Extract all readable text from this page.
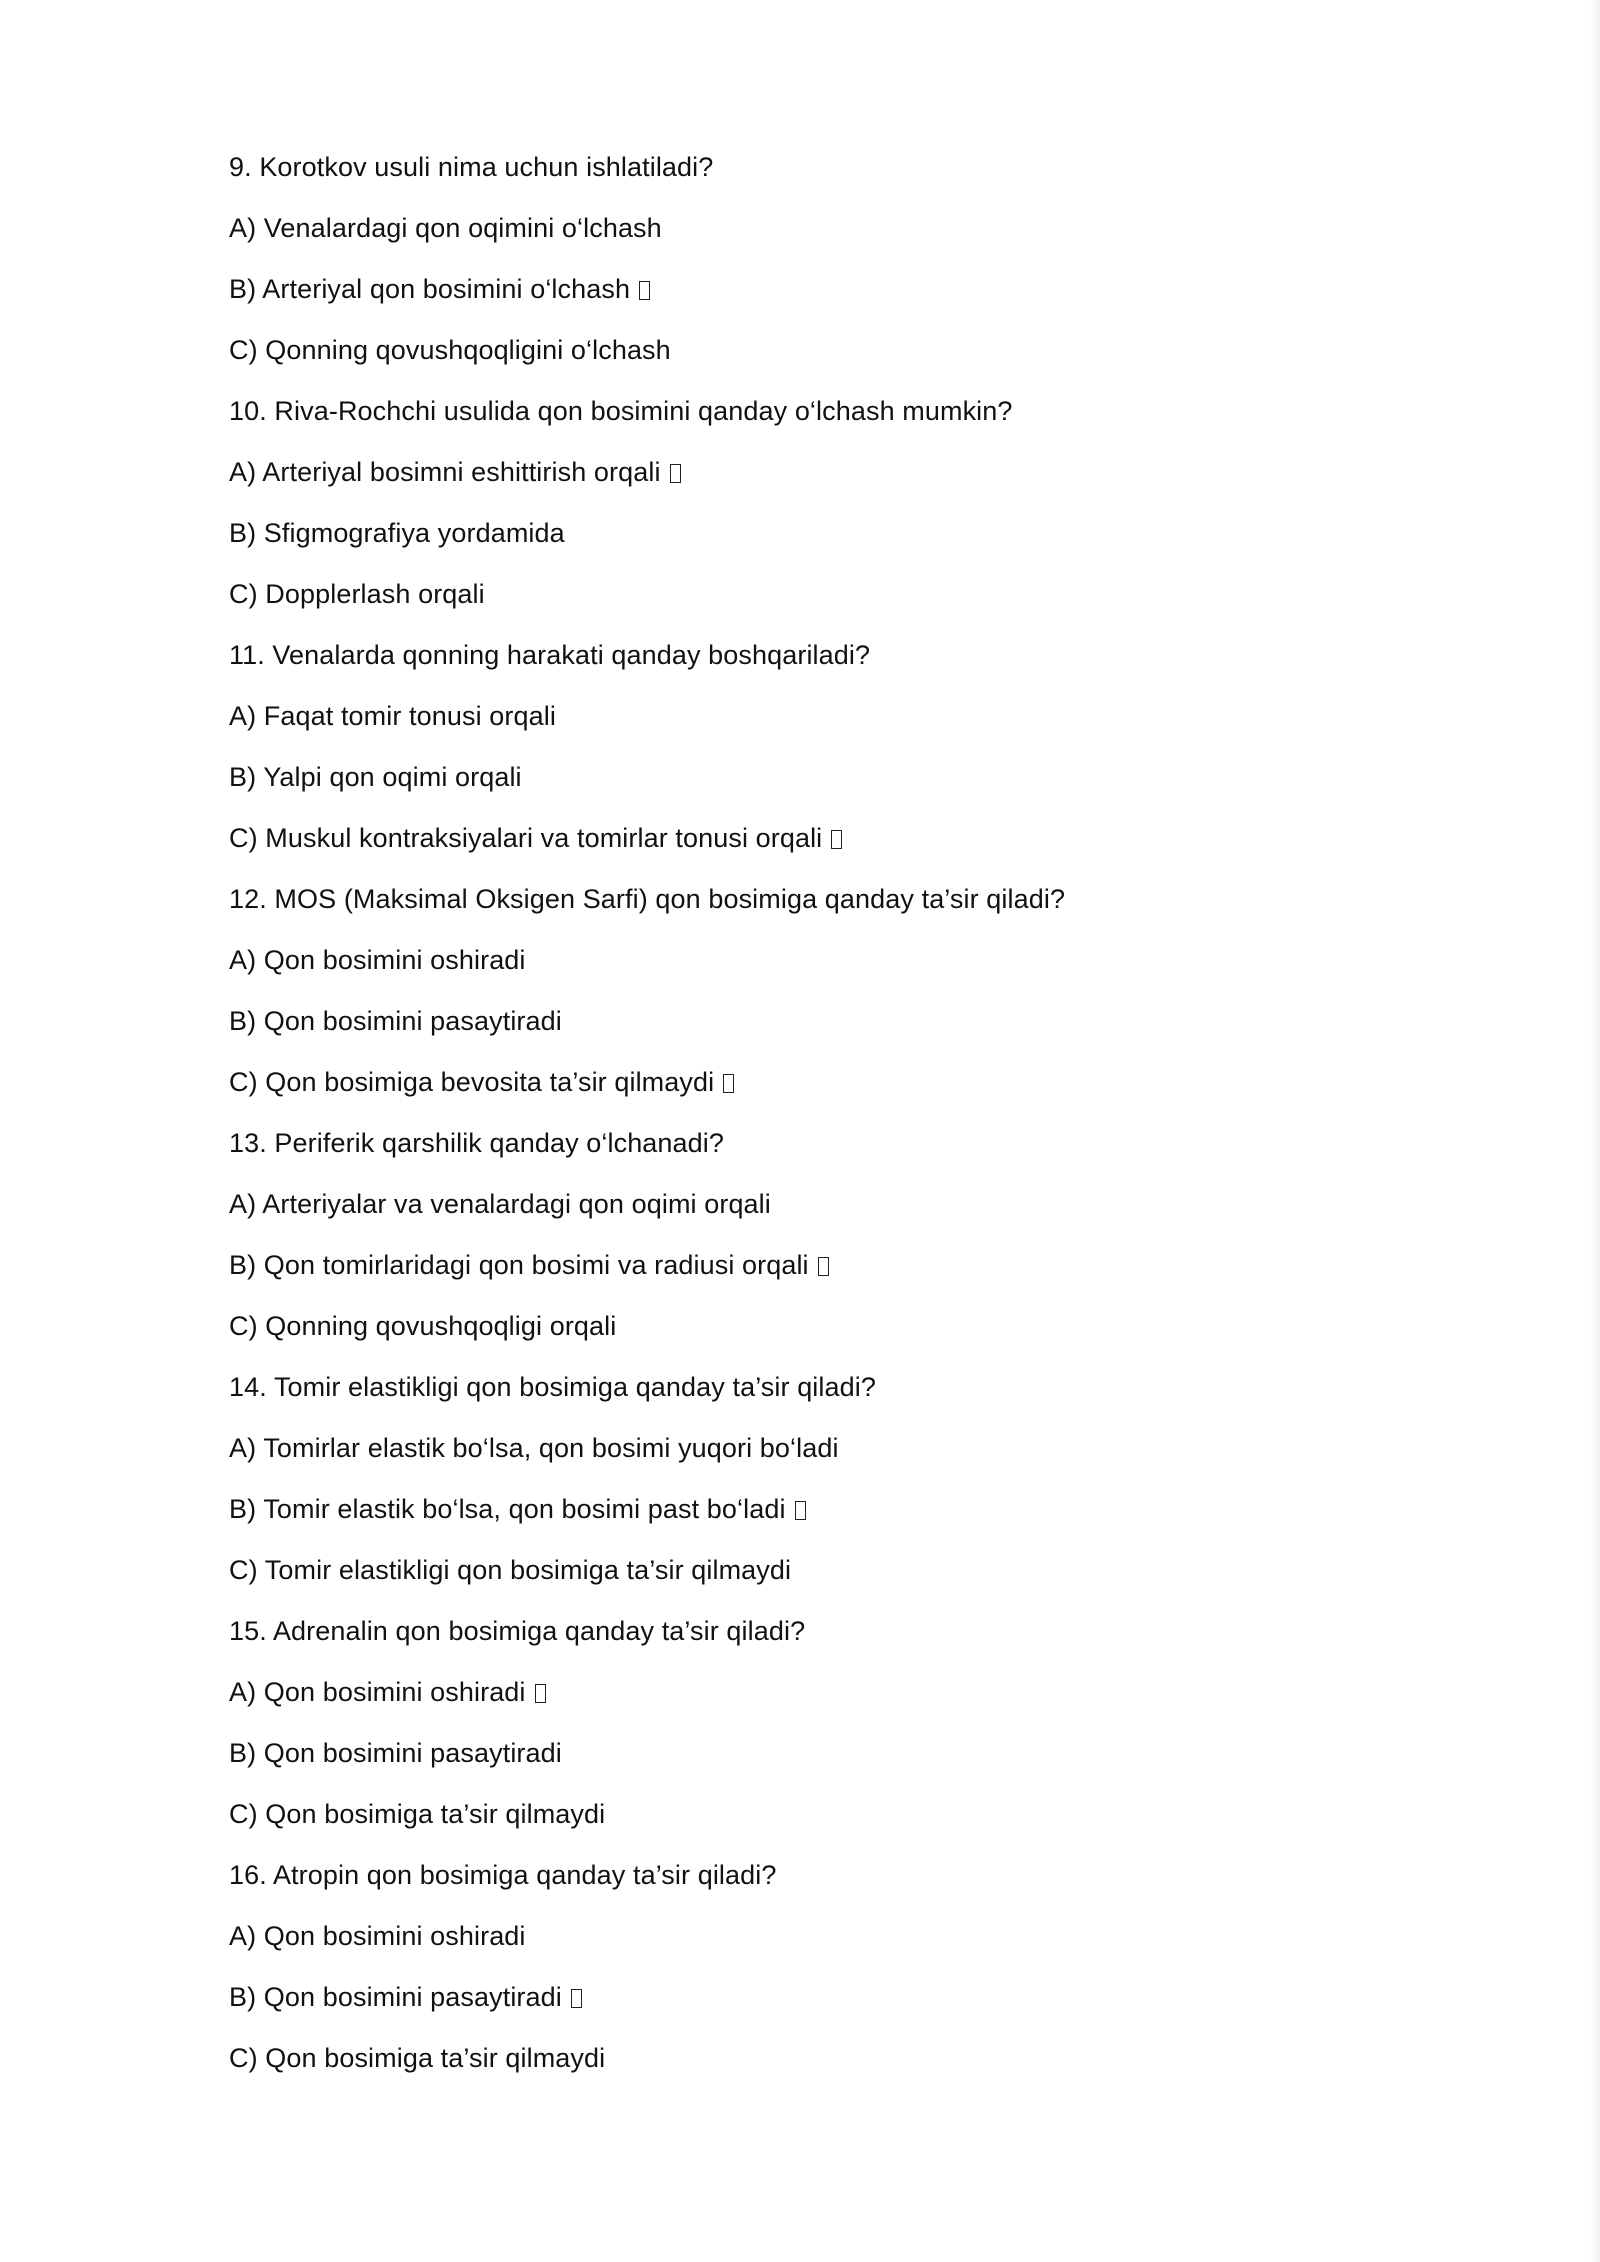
9. Korotkov usuli nima uchun ishlatiladi?
A) Venalardagi qon oqimini o‘lchash
B) Arteriyal qon bosimini o‘lchash
C) Qonning qovushqoqligini o‘lchash
10. Riva-Rochchi usulida qon bosimini qanday o‘lchash mumkin?
A) Arteriyal bosimni eshittirish orqali
B) Sfigmografiya yordamida
C) Dopplerlash orqali
11. Venalarda qonning harakati qanday boshqariladi?
A) Faqat tomir tonusi orqali
B) Yalpi qon oqimi orqali
C) Muskul kontraksiyalari va tomirlar tonusi orqali
12. MOS (Maksimal Oksigen Sarfi) qon bosimiga qanday ta’sir qiladi?
A) Qon bosimini oshiradi
B) Qon bosimini pasaytiradi
C) Qon bosimiga bevosita ta’sir qilmaydi
13. Periferik qarshilik qanday o‘lchanadi?
A) Arteriyalar va venalardagi qon oqimi orqali
B) Qon tomirlaridagi qon bosimi va radiusi orqali
C) Qonning qovushqoqligi orqali
14. Tomir elastikligi qon bosimiga qanday ta’sir qiladi?
A) Tomirlar elastik bo‘lsa, qon bosimi yuqori bo‘ladi
B) Tomir elastik bo‘lsa, qon bosimi past bo‘ladi
C) Tomir elastikligi qon bosimiga ta’sir qilmaydi
15. Adrenalin qon bosimiga qanday ta’sir qiladi?
A) Qon bosimini oshiradi
B) Qon bosimini pasaytiradi
C) Qon bosimiga ta’sir qilmaydi
16. Atropin qon bosimiga qanday ta’sir qiladi?
A) Qon bosimini oshiradi
B) Qon bosimini pasaytiradi
C) Qon bosimiga ta’sir qilmaydi
